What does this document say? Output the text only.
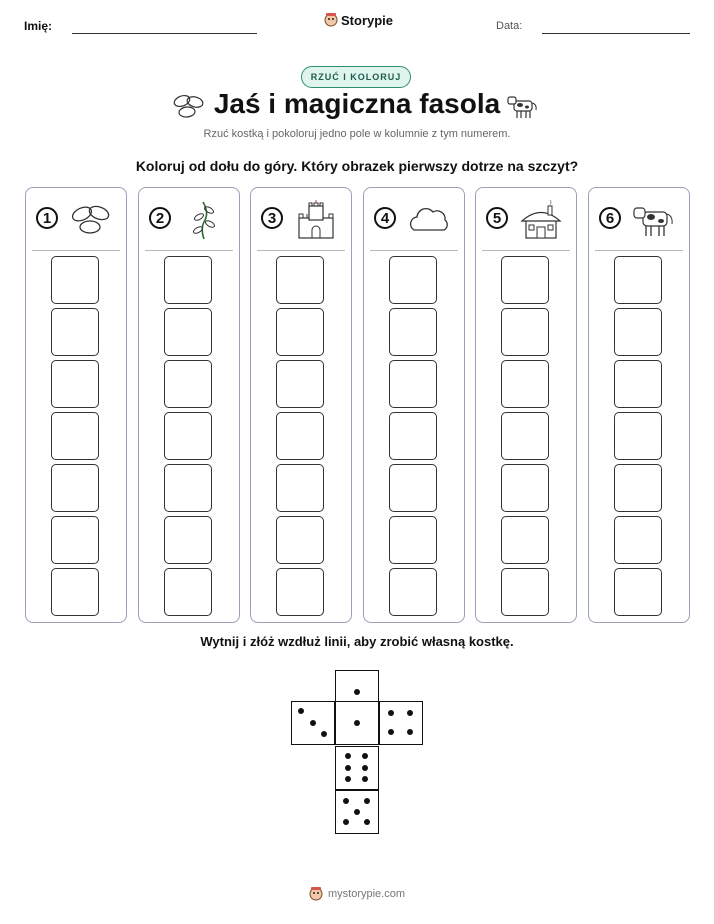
Imię:	Storypie	Data:
RZUĆ I KOLORUJ
Jaś i magiczna fasola
Rzuć kostką i pokoloruj jedno pole w kolumnie z tym numerem.
Koloruj od dołu do góry. Który obrazek pierwszy dotrze na szczyt?
1	2	3	4	5	6
Wytnij i złóż wzdłuż linii, aby zrobić własną kostkę.
mystorypie.com
